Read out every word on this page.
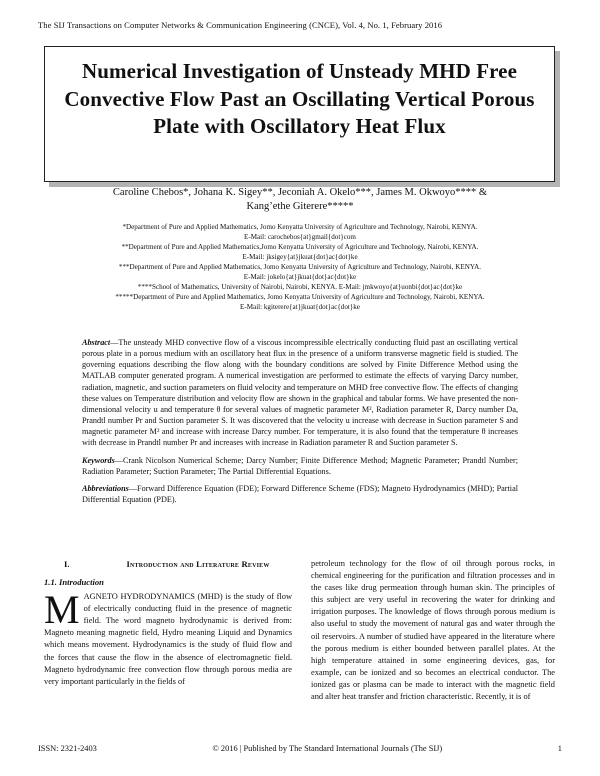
The SIJ Transactions on Computer Networks & Communication Engineering (CNCE), Vol. 4, No. 1, February 2016
Numerical Investigation of Unsteady MHD Free Convective Flow Past an Oscillating Vertical Porous Plate with Oscillatory Heat Flux
Caroline Chebos*, Johana K. Sigey**, Jeconiah A. Okelo***, James M. Okwoyo**** &
Kang’ethe Giterere*****
*Department of Pure and Applied Mathematics, Jomo Kenyatta University of Agriculture and Technology, Nairobi, KENYA.
E-Mail: carochebos{at}gmail{dot}com
**Department of Pure and Applied Mathematics,Jomo Kenyatta University of Agriculture and Technology, Nairobi, KENYA.
E-Mail: jksigey{at}jkuat{dot}ac{dot}ke
***Department of Pure and Applied Mathematics, Jomo Kenyatta University of Agriculture and Technology, Nairobi, KENYA.
E-Mail: jokelo{at}jkuat{dot}ac{dot}ke
****School of Mathematics, University of Nairobi, Nairobi, KENYA. E-Mail: jmkwoyo{at}uonbi{dot}ac{dot}ke
*****Department of Pure and Applied Mathematics, Jomo Kenyatta University of Agriculture and Technology, Nairobi, KENYA.
E-Mail: kgiterere{at}jkuat{dot}ac{dot}ke

Abstract—The unsteady MHD convective flow of a viscous incompressible electrically conducting fluid past an oscillating vertical porous plate in a porous medium with an oscillatory heat flux in the presence of a uniform transverse magnetic field is studied. The governing equations describing the flow along with the boundary conditions are solved by Finite Difference Method using the MATLAB computer generated program. A numerical investigation are performed to estimate the effects of varying Darcy number, radiation, magnetic, and suction parameters on fluid velocity and temperature on MHD free convective flow. The effects of changing these values on Temperature distribution and velocity flow are shown in the graphical and tabular forms. We have presented the non-dimensional velocity u and temperature θ for several values of magnetic parameter M², Radiation parameter R, Darcy number Da, Prandtl number Pr and Suction parameter S. It was discovered that the velocity u increase with decrease in Suction parameter S and magnetic parameter M² and increase with increase Darcy number. For temperature, it is also found that the temperature θ increases with decrease in Prandtl number Pr and increases with increase in Radiation parameter R and Suction parameter S.

Keywords—Crank Nicolson Numerical Scheme; Darcy Number; Finite Difference Method; Magnetic Parameter; Prandtl Number; Radiation Parameter; Suction Parameter; The Partial Differential Equations.

Abbreviations—Forward Difference Equation (FDE); Forward Difference Scheme (FDS); Magneto Hydrodynamics (MHD); Partial Differential Equation (PDE).

I.	Introduction and Literature Review
1.1. Introduction

MAGNETO HYDRODYNAMICS (MHD) is the study of flow of electrically conducting fluid in the presence of magnetic field. The word magneto hydrodynamic is derived from: Magneto meaning magnetic field, Hydro meaning Liquid and Dynamics which means movement. Hydrodynamics is the study of fluid flow and the forces that cause the flow in the absence of electromagnetic field. Magneto hydrodynamic free convection flow through porous media are very important particularly in the fields of

petroleum technology for the flow of oil through porous rocks, in chemical engineering for the purification and filtration processes and in the cases like drug permeation through human skin. The principles of this subject are very useful in recovering the water for drinking and irrigation purposes. The knowledge of flows through porous medium is also useful to study the movement of natural gas and water through the oil reservoirs. A number of studied have appeared in the literature where the porous medium is either bounded between parallel plates. At the high temperature attained in some engineering devices, gas, for example, can be ionized and so becomes an electrical conductor. The ionized gas or plasma can be made to interact with the magnetic field and alter heat transfer and friction characteristic. Recently, it is of

ISSN: 2321-2403	© 2016 | Published by The Standard International Journals (The SIJ)	1
